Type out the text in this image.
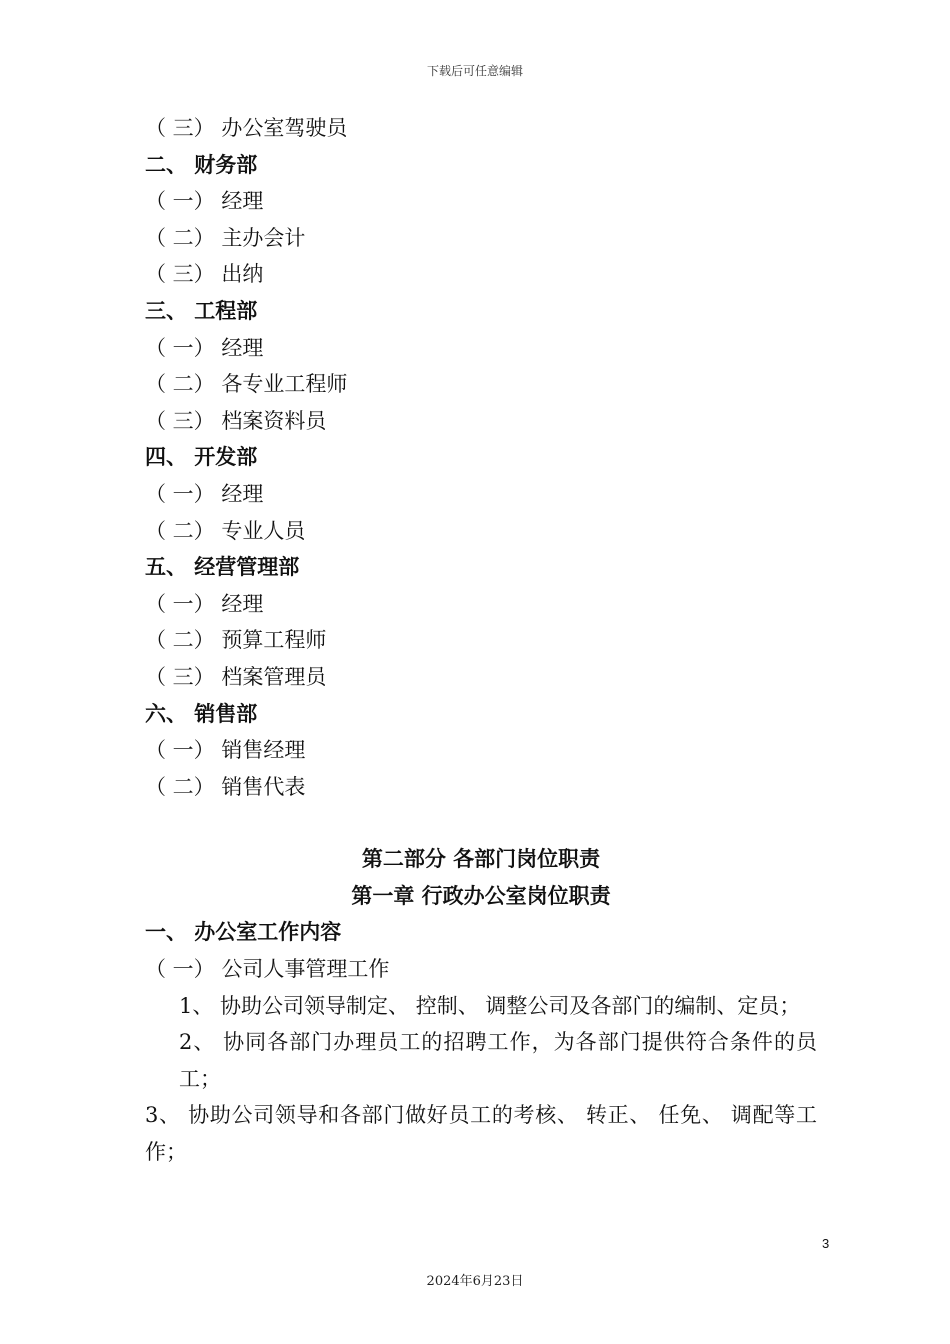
下载后可任意编辑
（ 三） 办公室驾驶员
二、 财务部
（ 一） 经理
（ 二） 主办会计
（ 三） 出纳
三、 工程部
（ 一） 经理
（ 二） 各专业工程师
（ 三） 档案资料员
四、 开发部
（ 一） 经理
（ 二） 专业人员
五、 经营管理部
（ 一） 经理
（ 二） 预算工程师
（ 三） 档案管理员
六、 销售部
（ 一） 销售经理
（ 二） 销售代表
第二部分 各部门岗位职责
第一章 行政办公室岗位职责
一、 办公室工作内容
（ 一） 公司人事管理工作
1、 协助公司领导制定、 控制、 调整公司及各部门的编制、定员；
2、 协同各部门办理员工的招聘工作，为各部门提供符合条件的员工；
3、 协助公司领导和各部门做好员工的考核、 转正、 任免、 调配等工作；
3
2024年6月23日
